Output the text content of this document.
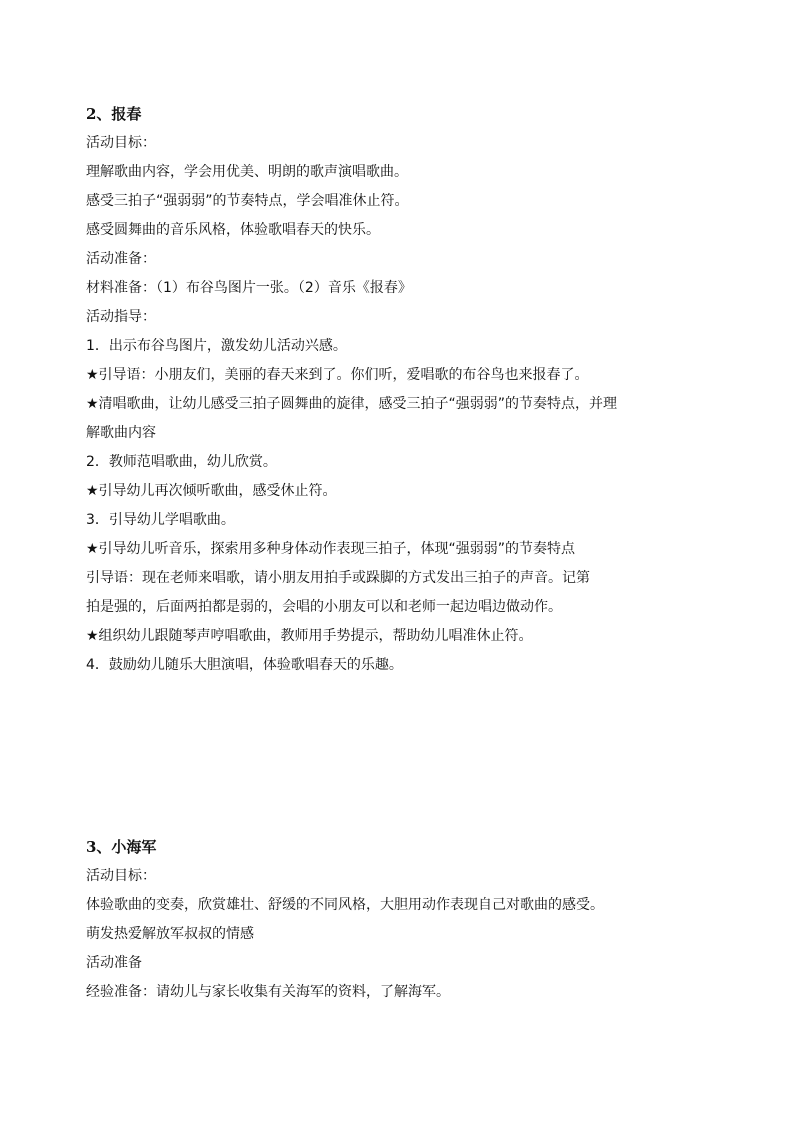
2、报春
活动目标：
理解歌曲内容，学会用优美、明朗的歌声演唱歌曲。
感受三拍子“强弱弱”的节奏特点，学会唱准休止符。
感受圆舞曲的音乐风格，体验歌唱春天的快乐。
活动准备：
材料准备：（1）布谷鸟图片一张。（2）音乐《报春》
活动指导：
1．出示布谷鸟图片，激发幼儿活动兴感。
★引导语：小朋友们，美丽的春天来到了。你们听，爱唱歌的布谷鸟也来报春了。
★清唱歌曲，让幼儿感受三拍子圆舞曲的旋律，感受三拍子“强弱弱”的节奏特点，并理
解歌曲内容
2．教师范唱歌曲，幼儿欣赏。
★引导幼儿再次倾听歌曲，感受休止符。
3．引导幼儿学唱歌曲。
★引导幼儿听音乐，探索用多种身体动作表现三拍子，体现“强弱弱”的节奏特点
引导语：现在老师来唱歌，请小朋友用拍手或跺脚的方式发出三拍子的声音。记第
拍是强的，后面两拍都是弱的，会唱的小朋友可以和老师一起边唱边做动作。
★组织幼儿跟随琴声哼唱歌曲，教师用手势提示，帮助幼儿唱准休止符。
4．鼓励幼儿随乐大胆演唱，体验歌唱春天的乐趣。
3、小海军
活动目标：
体验歌曲的变奏，欣赏雄壮、舒缓的不同风格，大胆用动作表现自己对歌曲的感受。
萌发热爱解放军叔叔的情感
活动准备
经验准备：请幼儿与家长收集有关海军的资料，了解海军。
